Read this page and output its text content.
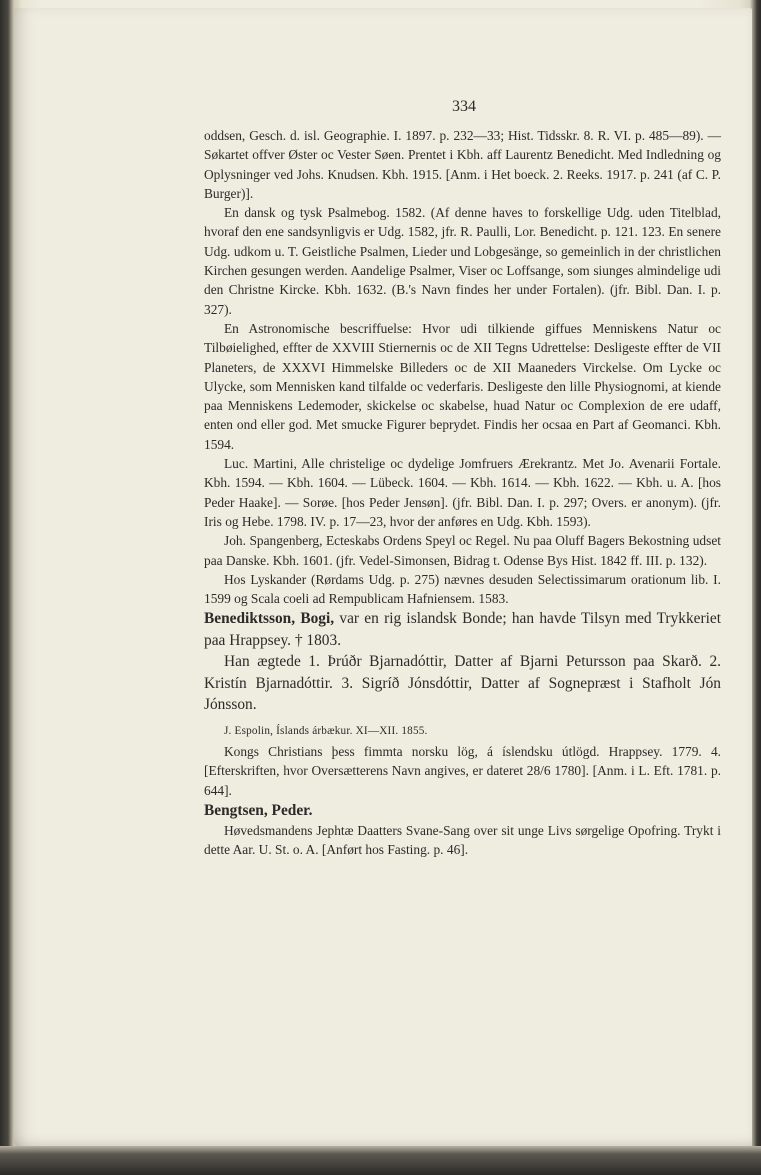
334

oddsen, Gesch. d. isl. Geographie. I. 1897. p. 232—33; Hist. Tidsskr. 8. R. VI. p. 485—89). — Søkartet offver Øster oc Vester Søen. Prentet i Kbh. aff Laurentz Benedicht. Med Indledning og Oplysninger ved Johs. Knudsen. Kbh. 1915. [Anm. i Het boeck. 2. Reeks. 1917. p. 241 (af C. P. Burger)].

En dansk og tysk Psalmebog. 1582. (Af denne haves to forskellige Udg. uden Titelblad, hvoraf den ene sandsynligvis er Udg. 1582, jfr. R. Paulli, Lor. Benedicht. p. 121. 123. En senere Udg. udkom u. T. Geistliche Psalmen, Lieder und Lobgesänge, so gemeinlich in der christlichen Kirchen gesungen werden. Aandelige Psalmer, Viser oc Loffsange, som siunges almindelige udi den Christne Kircke. Kbh. 1632. (B.'s Navn findes her under Fortalen). (jfr. Bibl. Dan. I. p. 327).

En Astronomische bescriffuelse: Hvor udi tilkiende giffues Menniskens Natur oc Tilbøielighed, effter de XXVIII Stiernernis oc de XII Tegns Udrettelse: Desligeste effter de VII Planeters, de XXXVI Himmelske Billeders oc de XII Maaneders Virckelse. Om Lycke oc Ulycke, som Mennisken kand tilfalde oc vederfaris. Desligeste den lille Physiognomi, at kiende paa Menniskens Ledemoder, skickelse oc skabelse, huad Natur oc Complexion de ere udaff, enten ond eller god. Met smucke Figurer beprydet. Findis her ocsaa en Part af Geomanci. Kbh. 1594.

Luc. Martini, Alle christelige oc dydelige Jomfruers Ærekrantz. Met Jo. Avenarii Fortale. Kbh. 1594. — Kbh. 1604. — Lübeck. 1604. — Kbh. 1614. — Kbh. 1622. — Kbh. u. A. [hos Peder Haake]. — Sorøe. [hos Peder Jensøn]. (jfr. Bibl. Dan. I. p. 297; Overs. er anonym). (jfr. Iris og Hebe. 1798. IV. p. 17—23, hvor der anføres en Udg. Kbh. 1593).

Joh. Spangenberg, Ecteskabs Ordens Speyl oc Regel. Nu paa Oluff Bagers Bekostning udset paa Danske. Kbh. 1601. (jfr. Vedel-Simonsen, Bidrag t. Odense Bys Hist. 1842 ff. III. p. 132).

Hos Lyskander (Rørdams Udg. p. 275) nævnes desuden Selectissimarum orationum lib. I. 1599 og Scala coeli ad Rempublicam Hafniensem. 1583.

Benediktsson, Bogi, var en rig islandsk Bonde; han havde Tilsyn med Trykkeriet paa Hrappsey. † 1803.

Han ægtede 1. Þrúðr Bjarnadóttir, Datter af Bjarni Petursson paa Skarð. 2. Kristín Bjarnadóttir. 3. Sigríð Jónsdóttir, Datter af Sognepræst i Stafholt Jón Jónsson.

J. Espolin, Íslands árbækur. XI—XII. 1855.

Kongs Christians þess fimmta norsku lög, á íslendsku útlögd. Hrappsey. 1779. 4. [Efterskriften, hvor Oversætterens Navn angives, er dateret 28/6 1780]. [Anm. i L. Eft. 1781. p. 644].

Bengtsen, Peder.

Høvedsmandens Jephtæ Daatters Svane-Sang over sit unge Livs sørgelige Opofring. Trykt i dette Aar. U. St. o. A. [Anført hos Fasting. p. 46].
